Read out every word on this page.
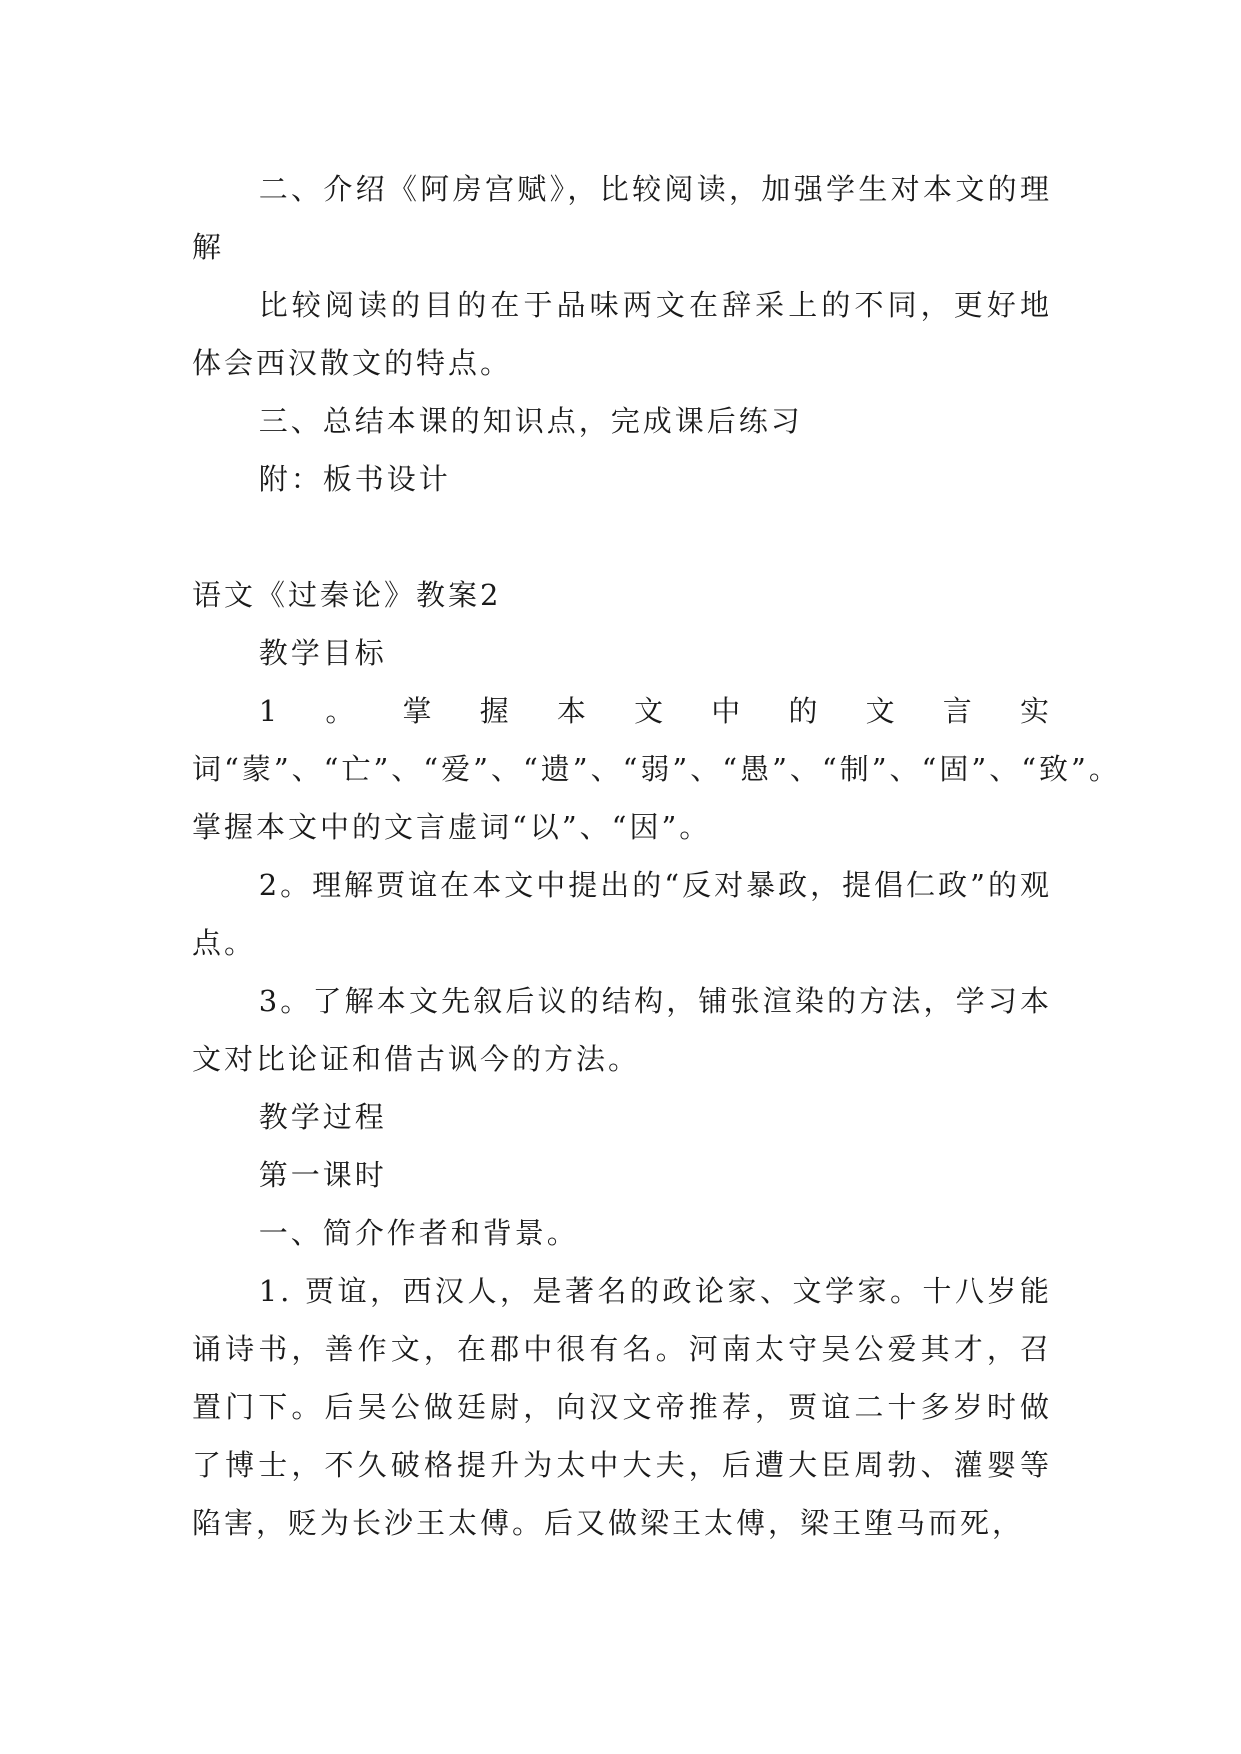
二、介绍《阿房宫赋》，比较阅读，加强学生对本文的理解

比较阅读的目的在于品味两文在辞采上的不同，更好地体会西汉散文的特点。

三、总结本课的知识点，完成课后练习

附：板书设计

语文《过秦论》教案2

教学目标

1。掌握本文中的文言实词“蒙”、“亡”、“爱”、“遗”、“弱”、“愚”、“制”、“固”、“致”。掌握本文中的文言虚词“以”、“因”。

2。理解贾谊在本文中提出的“反对暴政，提倡仁政”的观点。

3。了解本文先叙后议的结构，铺张渲染的方法，学习本文对比论证和借古讽今的方法。

教学过程

第一课时

一、简介作者和背景。

1. 贾谊，西汉人，是著名的政论家、文学家。十八岁能诵诗书，善作文，在郡中很有名。河南太守吴公爱其才，召置门下。后吴公做廷尉，向汉文帝推荐，贾谊二十多岁时做了博士，不久破格提升为太中大夫，后遭大臣周勃、灌婴等陷害，贬为长沙王太傅。后又做梁王太傅，梁王堕马而死，
